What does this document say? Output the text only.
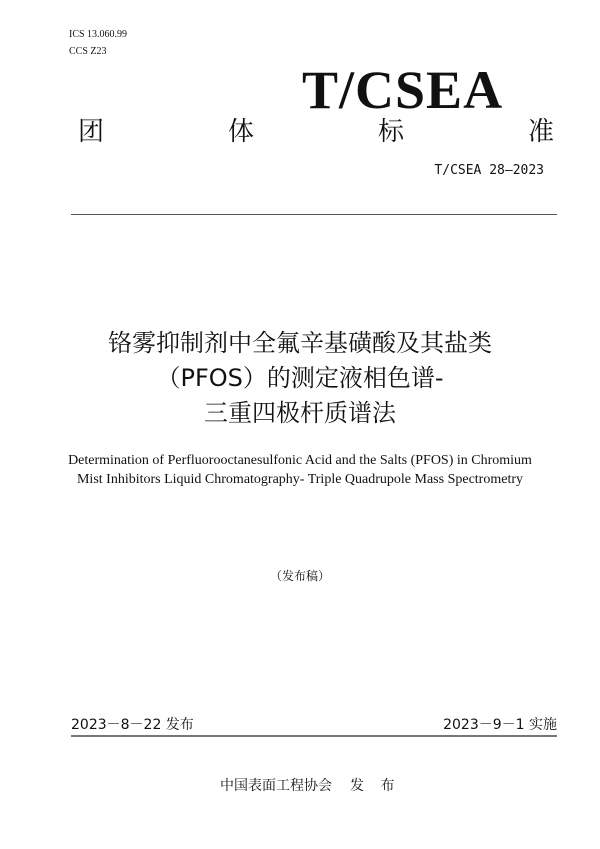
ICS 13.060.99
CCS Z23
T/CSEA
团	体	标	准
T/CSEA 28—2023
铬雾抑制剂中全氟辛基磺酸及其盐类
（PFOS）的测定液相色谱-
三重四极杆质谱法
Determination of Perfluorooctanesulfonic Acid and the Salts (PFOS) in Chromium
Mist Inhibitors Liquid Chromatography- Triple Quadrupole Mass Spectrometry
（发布稿）
2023－8－22 发布	2023－9－1 实施
中国表面工程协会 发 布
